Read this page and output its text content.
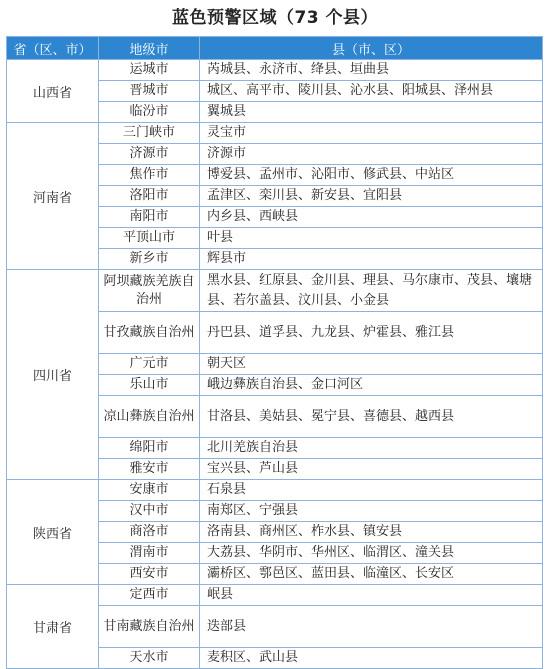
蓝色预警区域（73 个县）
省（区、市）	地级市	县（市、区）
山西省	运城市	芮城县、永济市、绛县、垣曲县
	晋城市	城区、高平市、陵川县、沁水县、阳城县、泽州县
	临汾市	翼城县
河南省	三门峡市	灵宝市
	济源市	济源市
	焦作市	博爱县、孟州市、沁阳市、修武县、中站区
	洛阳市	孟津区、栾川县、新安县、宜阳县
	南阳市	内乡县、西峡县
	平顶山市	叶县
	新乡市	辉县市
四川省	阿坝藏族羌族自治州	黑水县、红原县、金川县、理县、马尔康市、茂县、壤塘县、若尔盖县、汶川县、小金县
	甘孜藏族自治州	丹巴县、道孚县、九龙县、炉霍县、雅江县
	广元市	朝天区
	乐山市	峨边彝族自治县、金口河区
	凉山彝族自治州	甘洛县、美姑县、冕宁县、喜德县、越西县
	绵阳市	北川羌族自治县
	雅安市	宝兴县、芦山县
陕西省	安康市	石泉县
	汉中市	南郑区、宁强县
	商洛市	洛南县、商州区、柞水县、镇安县
	渭南市	大荔县、华阴市、华州区、临渭区、潼关县
	西安市	灞桥区、鄠邑区、蓝田县、临潼区、长安区
甘肃省	定西市	岷县
	甘南藏族自治州	迭部县
	天水市	麦积区、武山县
